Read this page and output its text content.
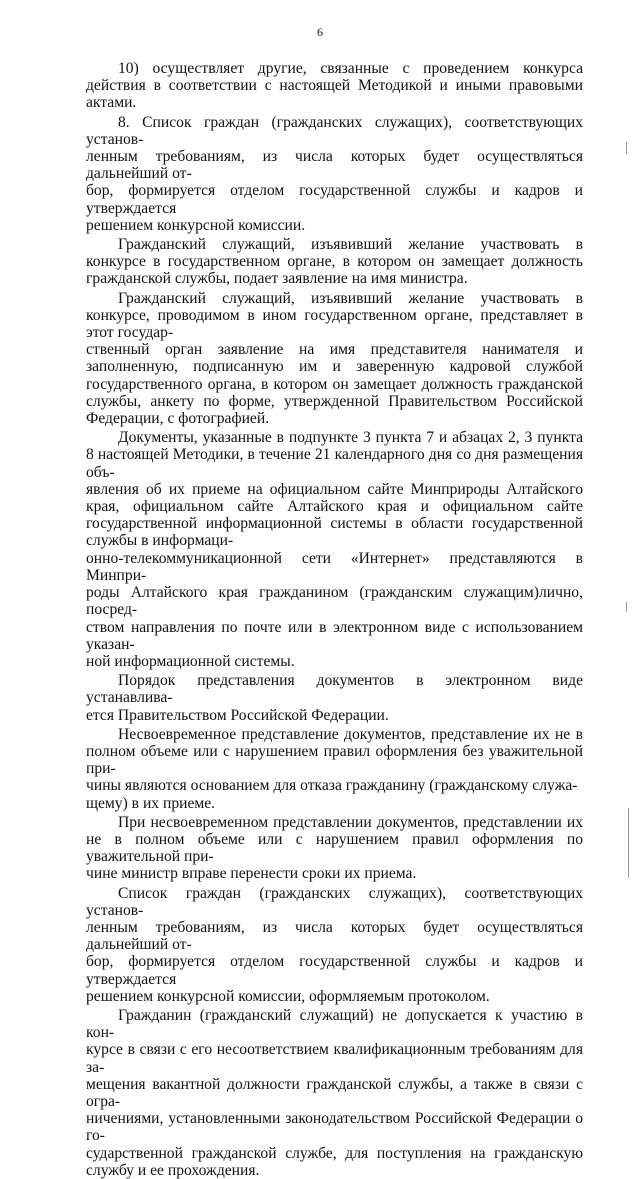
6

10) осуществляет другие, связанные с проведением конкурса действия в соответствии с настоящей Методикой и иными правовыми актами.

8. Список граждан (гражданских служащих), соответствующих установ-
ленным требованиям, из числа которых будет осуществляться дальнейший от-
бор, формируется отделом государственной службы и кадров и утверждается
решением конкурсной комиссии.

Гражданский служащий, изъявивший желание участвовать в конкурсе в государственном органе, в котором он замещает должность гражданской службы, подает заявление на имя министра.

Гражданский служащий, изъявивший желание участвовать в конкурсе, проводимом в ином государственном органе, представляет в этот государ-
ственный орган заявление на имя представителя нанимателя и заполненную, подписанную им и заверенную кадровой службой государственного органа, в котором он замещает должность гражданской службы, анкету по форме, утвержденной Правительством Российской Федерации, с фотографией.

Документы, указанные в подпункте 3 пункта 7 и абзацах 2, 3 пункта 8 настоящей Методики, в течение 21 календарного дня со дня размещения объ-
явления об их приеме на официальном сайте Минприроды Алтайского края, официальном сайте Алтайского края и официальном сайте государственной информационной системы в области государственной службы в информаци-
онно-телекоммуникационной сети «Интернет» представляются в Минпри-
роды Алтайского края гражданином (гражданским служащим)лично, посред-
ством направления по почте или в электронном виде с использованием указан-
ной информационной системы.

Порядок представления документов в электронном виде устанавлива-
ется Правительством Российской Федерации.

Несвоевременное представление документов, представление их не в полном объеме или с нарушением правил оформления без уважительной при-
чины являются основанием для отказа гражданину (гражданскому служа-
щему) в их приеме.

При несвоевременном представлении документов, представлении их не в полном объеме или с нарушением правил оформления по уважительной при-
чине министр вправе перенести сроки их приема.

Список граждан (гражданских служащих), соответствующих установ-
ленным требованиям, из числа которых будет осуществляться дальнейший от-
бор, формируется отделом государственной службы и кадров и утверждается
решением конкурсной комиссии, оформляемым протоколом.

Гражданин (гражданский служащий) не допускается к участию в кон-
курсе в связи с его несоответствием квалификационным требованиям для за-
мещения вакантной должности гражданской службы, а также в связи с огра-
ничениями, установленными законодательством Российской Федерации о го-
сударственной гражданской службе, для поступления на гражданскую службу и ее прохождения.
